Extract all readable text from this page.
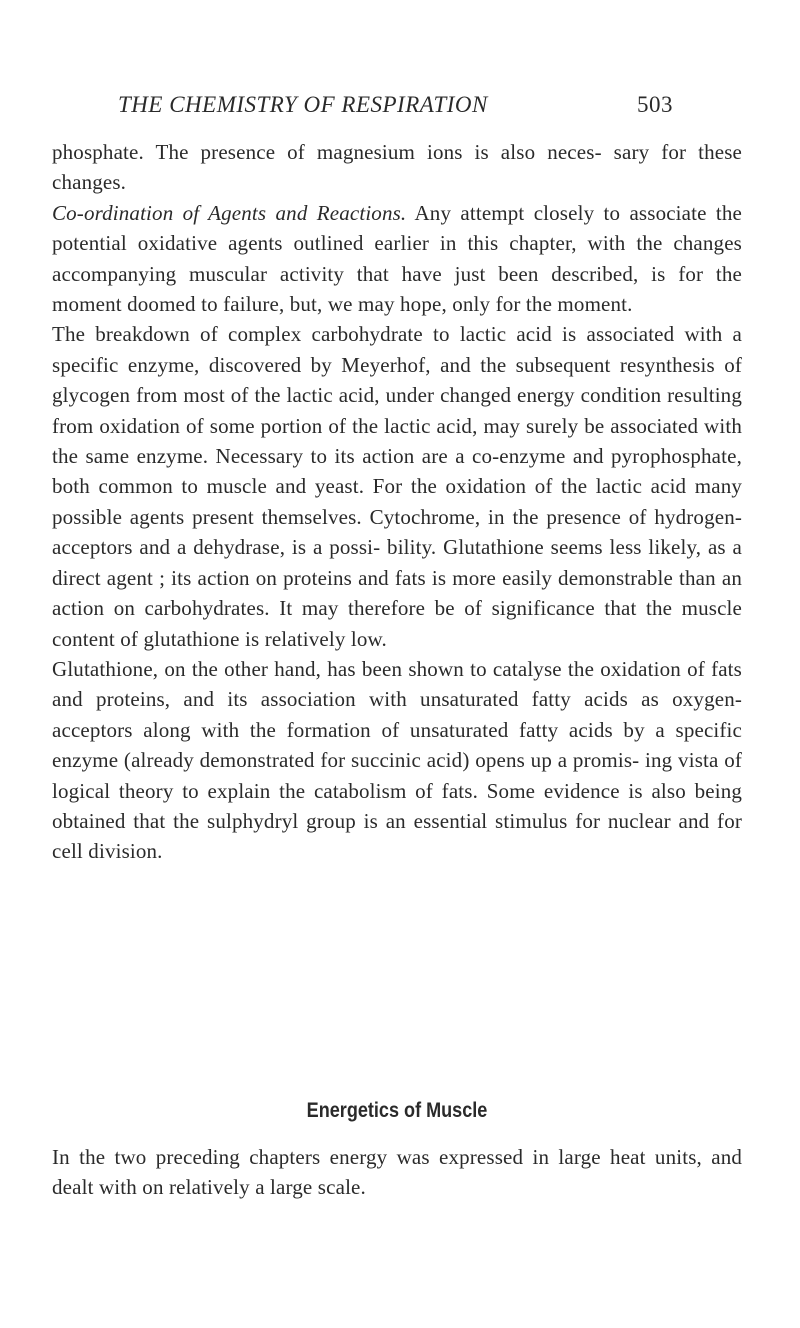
THE CHEMISTRY OF RESPIRATION	503

phosphate. The presence of magnesium ions is also neces- sary for these changes.

Co-ordination of Agents and Reactions. Any attempt closely to associate the potential oxidative agents outlined earlier in this chapter, with the changes accompanying muscular activity that have just been described, is for the moment doomed to failure, but, we may hope, only for the moment.

The breakdown of complex carbohydrate to lactic acid is associated with a specific enzyme, discovered by Meyerhof, and the subsequent resynthesis of glycogen from most of the lactic acid, under changed energy condition resulting from oxidation of some portion of the lactic acid, may surely be associated with the same enzyme. Necessary to its action are a co-enzyme and pyrophosphate, both common to muscle and yeast. For the oxidation of the lactic acid many possible agents present themselves. Cytochrome, in the presence of hydrogen-acceptors and a dehydrase, is a possi- bility. Glutathione seems less likely, as a direct agent ; its action on proteins and fats is more easily demonstrable than an action on carbohydrates. It may therefore be of significance that the muscle content of glutathione is relatively low.

Glutathione, on the other hand, has been shown to catalyse the oxidation of fats and proteins, and its association with unsaturated fatty acids as oxygen-acceptors along with the formation of unsaturated fatty acids by a specific enzyme (already demonstrated for succinic acid) opens up a promis- ing vista of logical theory to explain the catabolism of fats. Some evidence is also being obtained that the sulphydryl group is an essential stimulus for nuclear and for cell division.

Energetics of Muscle

In the two preceding chapters energy was expressed in large heat units, and dealt with on relatively a large scale.
